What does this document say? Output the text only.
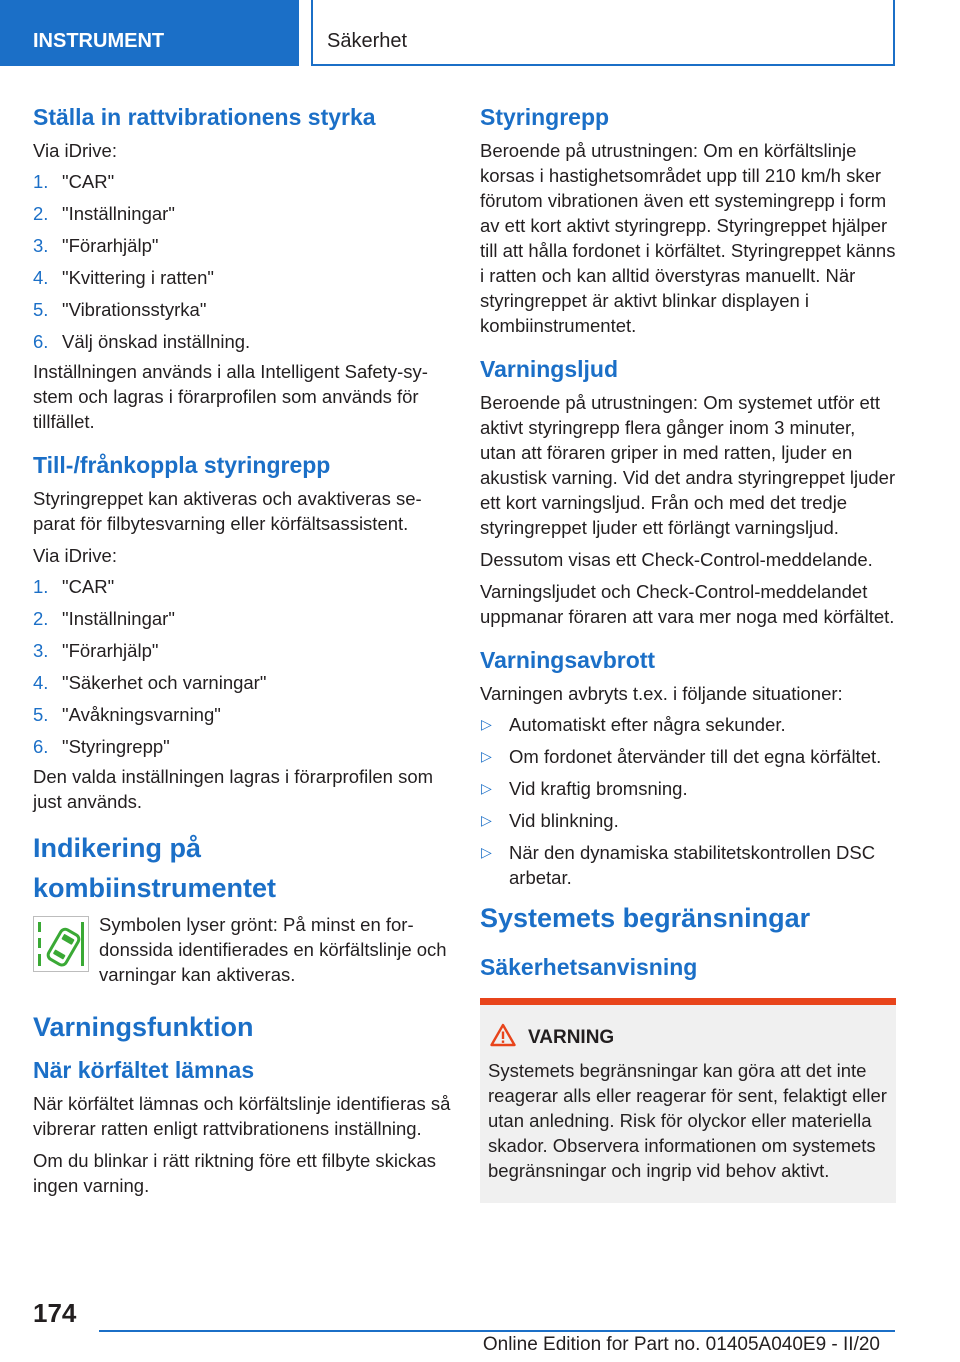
INSTRUMENT	Säkerhet
Ställa in rattvibrationens styrka

Via iDrive:

1. "CAR"
2. "Inställningar"
3. "Förarhjälp"
4. "Kvittering i ratten"
5. "Vibrationsstyrka"
6. Välj önskad inställning.

Inställningen används i alla Intelligent Safety-system och lagras i förarprofilen som används för tillfället.

Till-/frånkoppla styringrepp

Styringreppet kan aktiveras och avaktiveras separat för filbytesvarning eller körfältsassistent.

Via iDrive:

1. "CAR"
2. "Inställningar"
3. "Förarhjälp"
4. "Säkerhet och varningar"
5. "Avåkningsvarning"
6. "Styringrepp"

Den valda inställningen lagras i förarprofilen som just används.

Indikering på kombiinstrumentet
Symbolen lyser grönt: På minst en fordonssida identifierades en körfältslinje och varningar kan aktiveras.
Varningsfunktion
När körfältet lämnas

När körfältet lämnas och körfältslinje identifieras så vibrerar ratten enligt rattvibrationens inställning.

Om du blinkar i rätt riktning före ett filbyte skickas ingen varning.

Styringrepp

Beroende på utrustningen: Om en körfältslinje korsas i hastighetsområdet upp till 210 km/h sker förutom vibrationen även ett systemingrepp i form av ett kort aktivt styringrepp. Styringreppet hjälper till att hålla fordonet i körfältet. Styringreppet känns i ratten och kan alltid överstyras manuellt. När styringreppet är aktivt blinkar displayen i kombiinstrumentet.

Varningsljud

Beroende på utrustningen: Om systemet utför ett aktivt styringrepp flera gånger inom 3 minuter, utan att föraren griper in med ratten, ljuder en akustisk varning. Vid det andra styringreppet ljuder ett kort varningsljud. Från och med det tredje styringreppet ljuder ett förlängt varningsljud.

Dessutom visas ett Check-Control-meddelande.

Varningsljudet och Check-Control-meddelandet uppmanar föraren att vara mer noga med körfältet.

Varningsavbrott

Varningen avbryts t.ex. i följande situationer:

▷ Automatiskt efter några sekunder.
▷ Om fordonet återvänder till det egna körfältet.
▷ Vid kraftig bromsning.
▷ Vid blinkning.
▷ När den dynamiska stabilitetskontrollen DSC arbetar.
Systemets begränsningar
Säkerhetsanvisning
VARNING
Systemets begränsningar kan göra att det inte reagerar alls eller reagerar för sent, felaktigt eller utan anledning. Risk för olyckor eller materiella skador. Observera informationen om systemets begränsningar och ingrip vid behov aktivt.
174
Online Edition for Part no. 01405A040E9 - II/20
